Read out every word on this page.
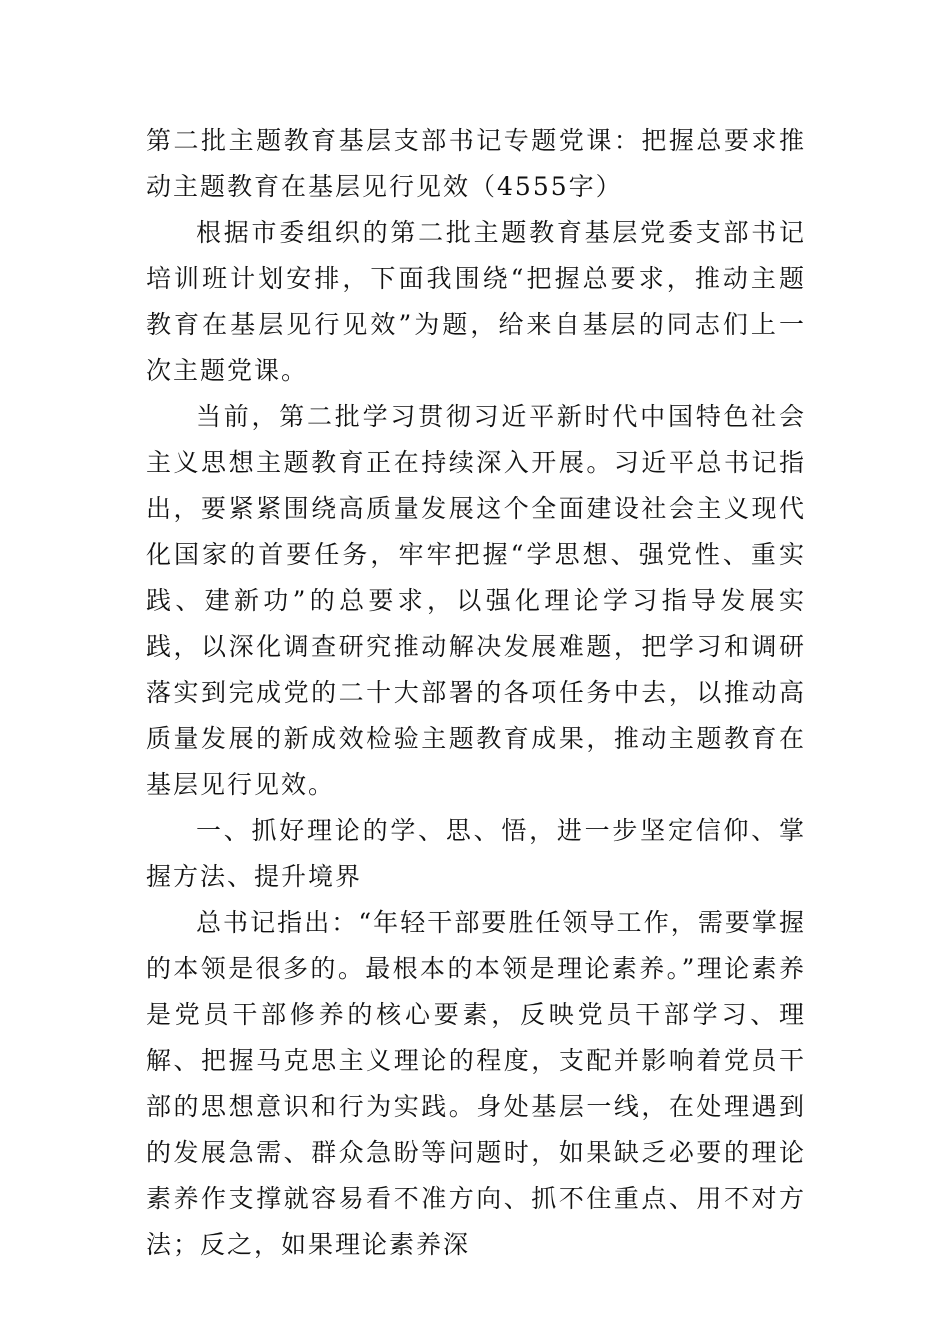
第二批主题教育基层支部书记专题党课：把握总要求推动主题教育在基层见行见效（4555字）

根据市委组织的第二批主题教育基层党委支部书记培训班计划安排，下面我围绕“把握总要求，推动主题教育在基层见行见效”为题，给来自基层的同志们上一次主题党课。

当前，第二批学习贯彻习近平新时代中国特色社会主义思想主题教育正在持续深入开展。习近平总书记指出，要紧紧围绕高质量发展这个全面建设社会主义现代化国家的首要任务，牢牢把握“学思想、强党性、重实践、建新功”的总要求，以强化理论学习指导发展实践，以深化调查研究推动解决发展难题，把学习和调研落实到完成党的二十大部署的各项任务中去，以推动高质量发展的新成效检验主题教育成果，推动主题教育在基层见行见效。

一、抓好理论的学、思、悟，进一步坚定信仰、掌握方法、提升境界

总书记指出：“年轻干部要胜任领导工作，需要掌握的本领是很多的。最根本的本领是理论素养。”理论素养是党员干部修养的核心要素，反映党员干部学习、理解、把握马克思主义理论的程度，支配并影响着党员干部的思想意识和行为实践。身处基层一线，在处理遇到的发展急需、群众急盼等问题时，如果缺乏必要的理论素养作支撑就容易看不准方向、抓不住重点、用不对方法；反之，如果理论素养深
